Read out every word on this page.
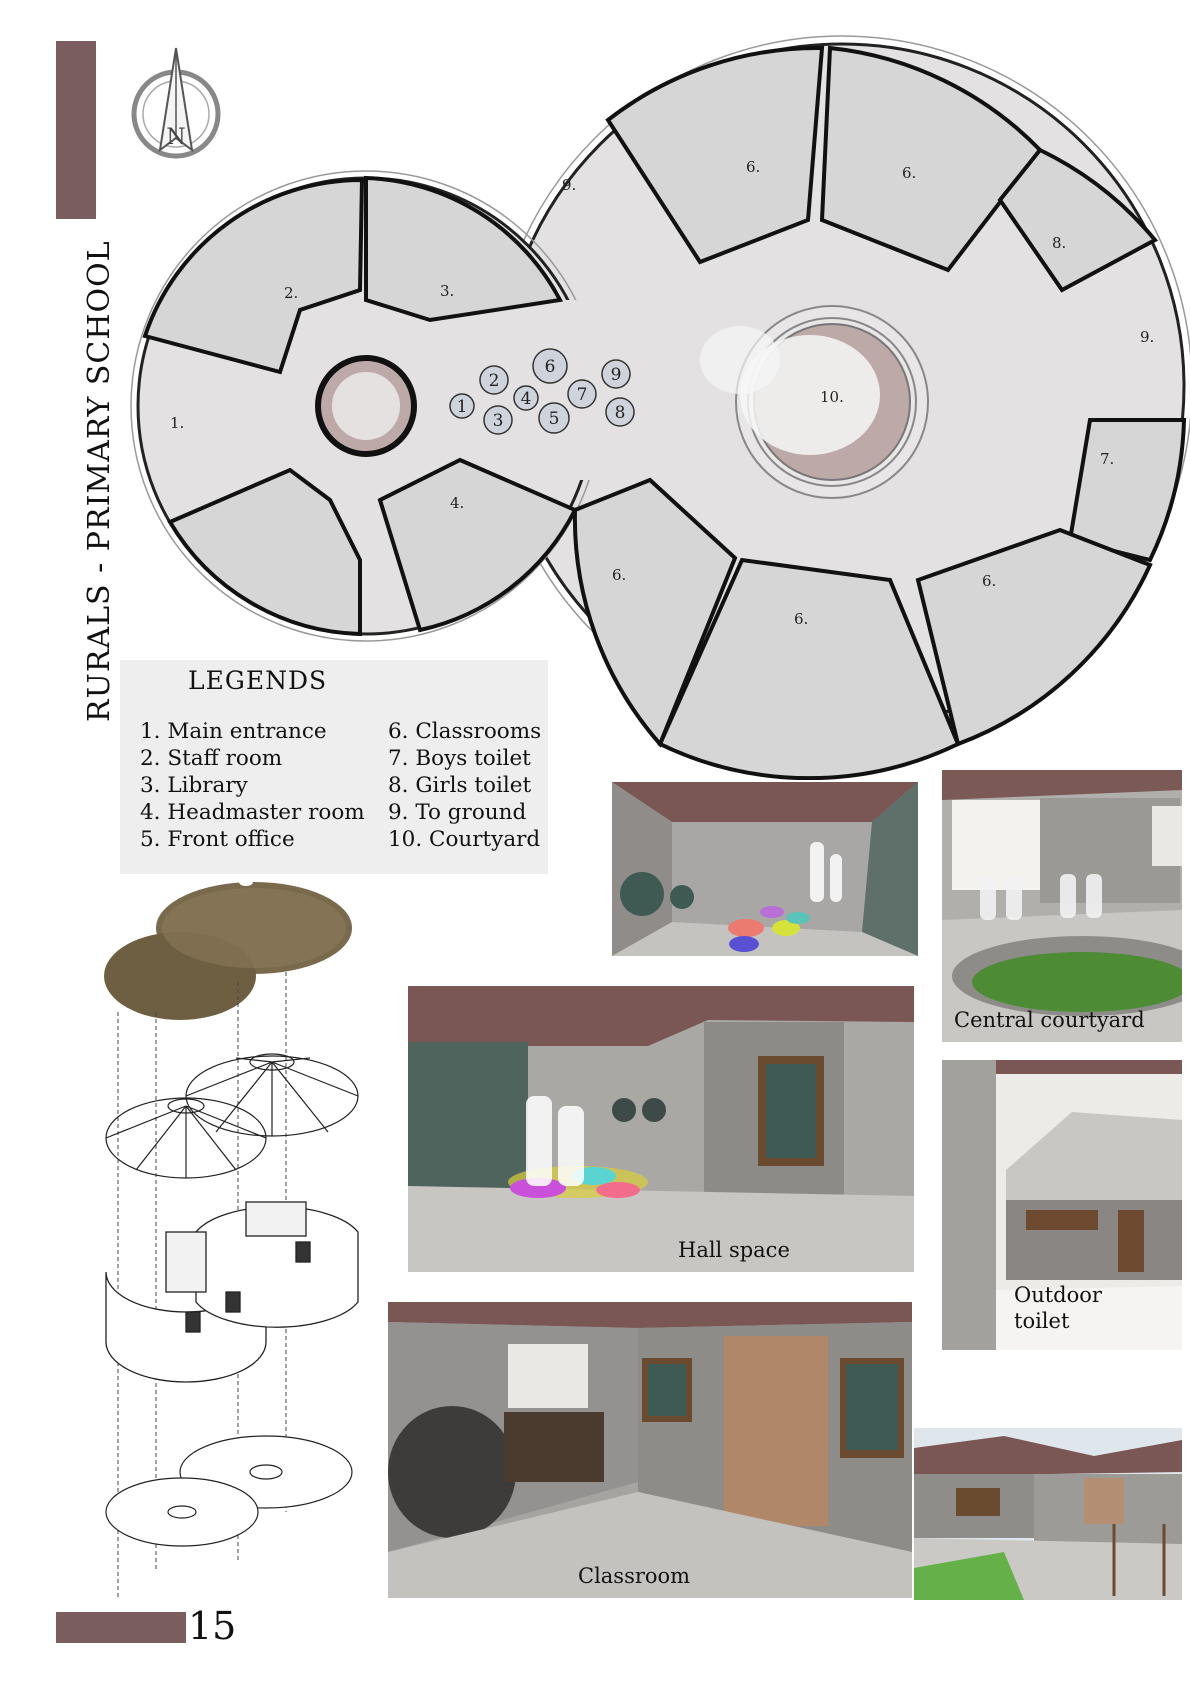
RURALS - PRIMARY SCHOOL
15
N
1
2
3
4
5
6
7
8
9
1.
2.	3.
4.
6.	6.
6.
6.
6.
7.
8.
9.
9.
10.
LEGENDS
1. Main entrance
2. Staff room
3. Library
4. Headmaster room
5. Front office
6. Classrooms
7. Boys toilet
8. Girls toilet
9. To ground
10. Courtyard
Central courtyard
Hall space
Outdoor
toilet
Classroom
